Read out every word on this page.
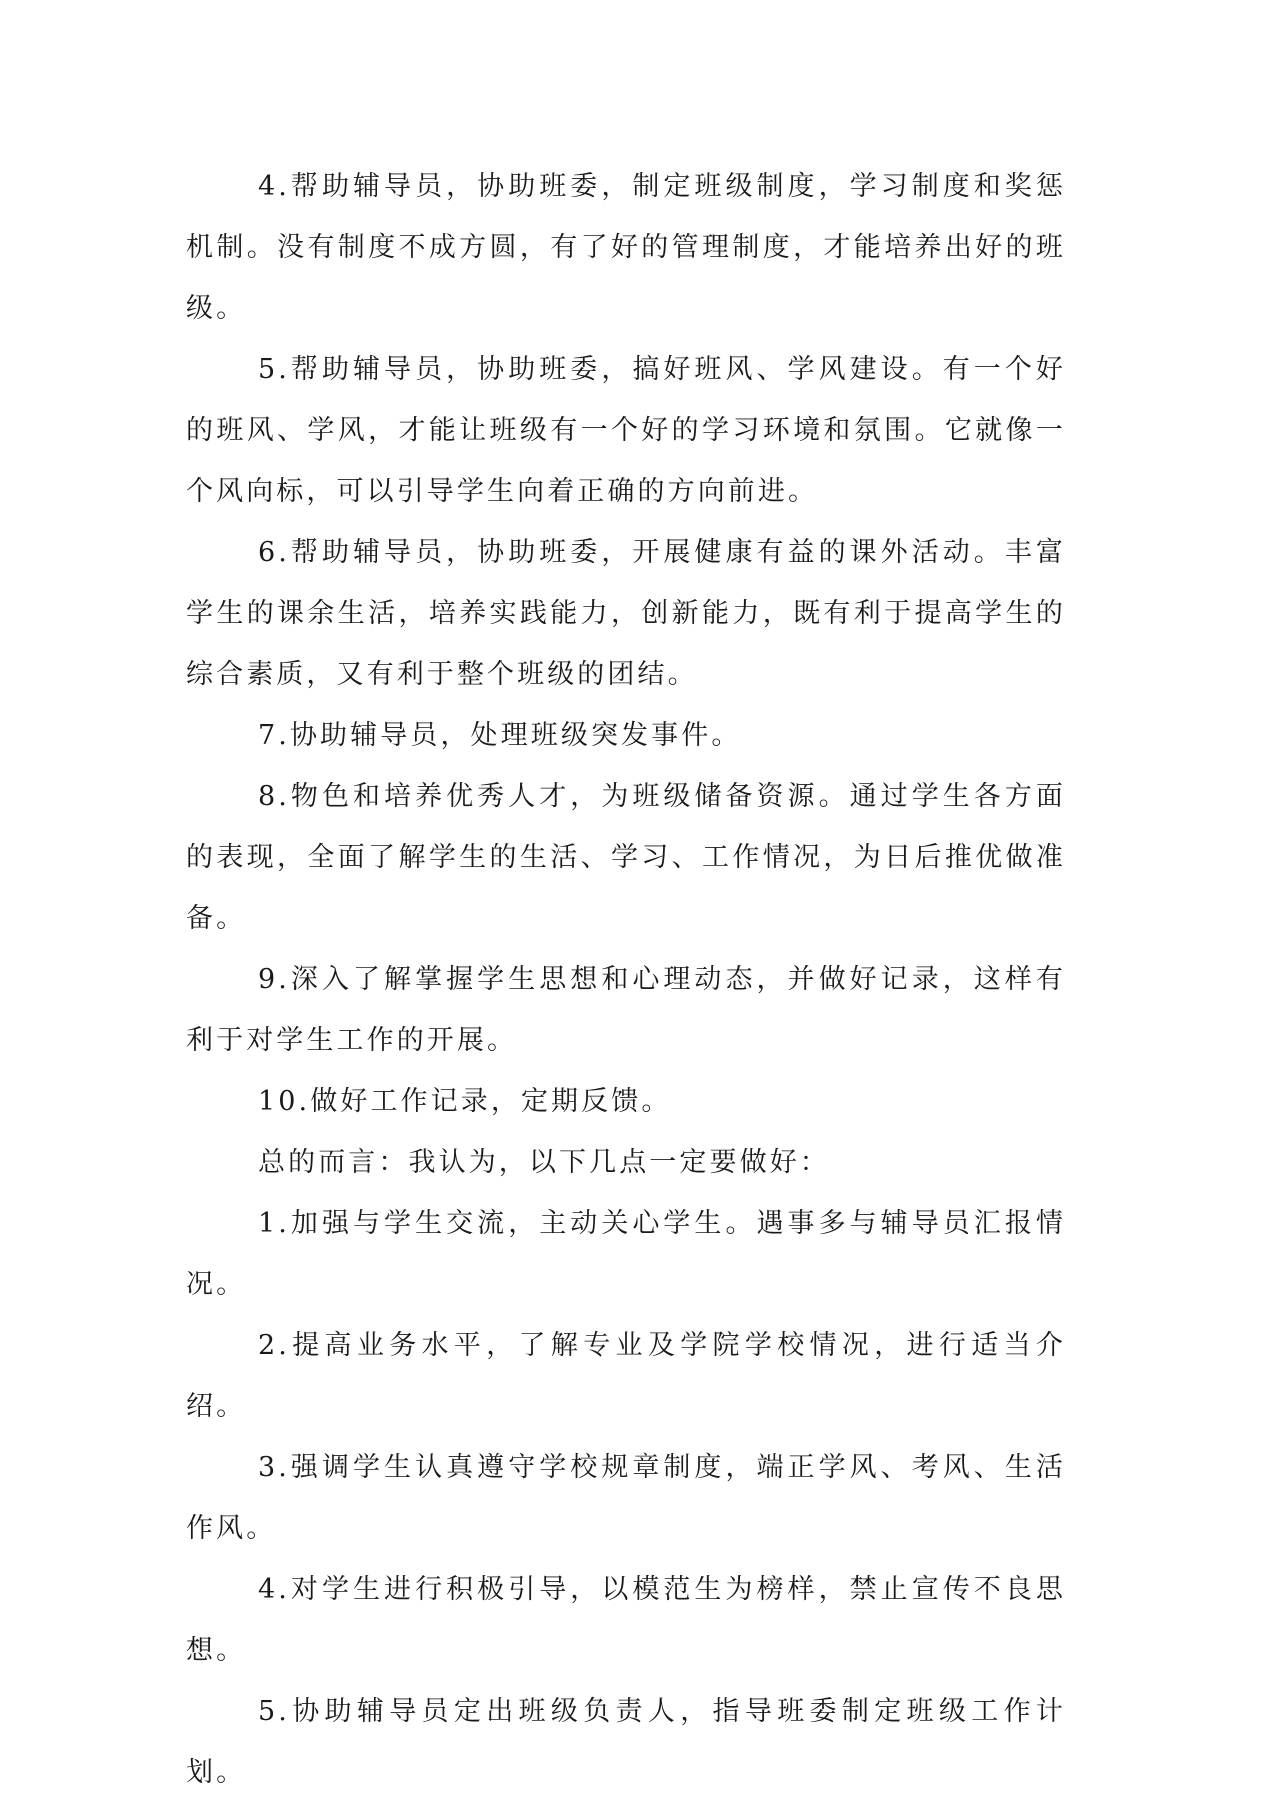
4.帮助辅导员，协助班委，制定班级制度，学习制度和奖惩机制。没有制度不成方圆，有了好的管理制度，才能培养出好的班级。

5.帮助辅导员，协助班委，搞好班风、学风建设。有一个好的班风、学风，才能让班级有一个好的学习环境和氛围。它就像一个风向标，可以引导学生向着正确的方向前进。

6.帮助辅导员，协助班委，开展健康有益的课外活动。丰富学生的课余生活，培养实践能力，创新能力，既有利于提高学生的综合素质，又有利于整个班级的团结。

7.协助辅导员，处理班级突发事件。

8.物色和培养优秀人才，为班级储备资源。通过学生各方面的表现，全面了解学生的生活、学习、工作情况，为日后推优做准备。

9.深入了解掌握学生思想和心理动态，并做好记录，这样有利于对学生工作的开展。

10.做好工作记录，定期反馈。

总的而言：我认为，以下几点一定要做好：

1.加强与学生交流，主动关心学生。遇事多与辅导员汇报情况。

2.提高业务水平，了解专业及学院学校情况，进行适当介绍。

3.强调学生认真遵守学校规章制度，端正学风、考风、生活作风。

4.对学生进行积极引导，以模范生为榜样，禁止宣传不良思想。

5.协助辅导员定出班级负责人，指导班委制定班级工作计划。
